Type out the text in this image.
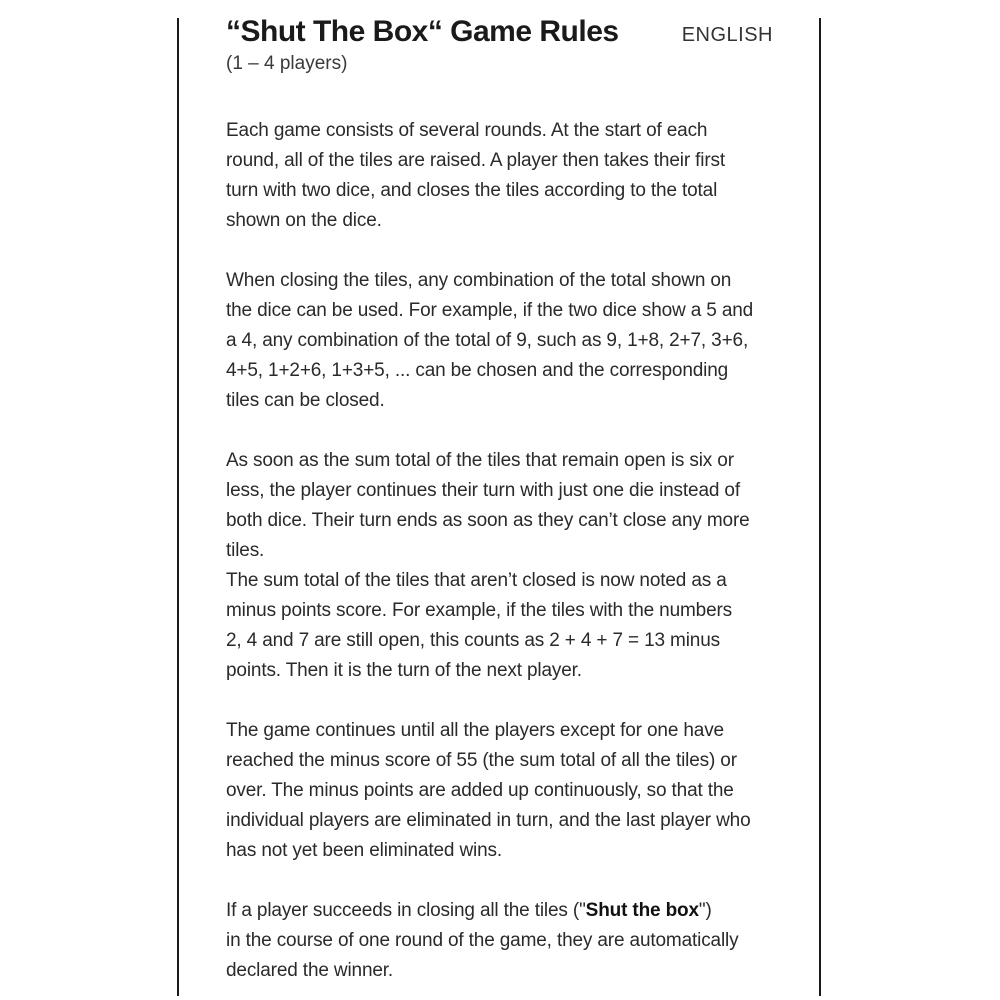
“Shut The Box“ Game Rules	ENGLISH

(1 – 4 players)

Each game consists of several rounds. At the start of each
round, all of the tiles are raised. A player then takes their first
turn with two dice, and closes the tiles according to the total
shown on the dice.

When closing the tiles, any combination of the total shown on
the dice can be used. For example, if the two dice show a 5 and
a 4, any combination of the total of 9, such as 9, 1+8, 2+7, 3+6,
4+5, 1+2+6, 1+3+5, ... can be chosen and the corresponding
tiles can be closed.

As soon as the sum total of the tiles that remain open is six or
less, the player continues their turn with just one die instead of
both dice. Their turn ends as soon as they can’t close any more
tiles.

The sum total of the tiles that aren’t closed is now noted as a
minus points score. For example, if the tiles with the numbers
2, 4 and 7 are still open, this counts as 2 + 4 + 7 = 13 minus
points. Then it is the turn of the next player.

The game continues until all the players except for one have
reached the minus score of 55 (the sum total of all the tiles) or
over. The minus points are added up continuously, so that the
individual players are eliminated in turn, and the last player who
has not yet been eliminated wins.

If a player succeeds in closing all the tiles ("Shut the box")
in the course of one round of the game, they are automatically
declared the winner.
